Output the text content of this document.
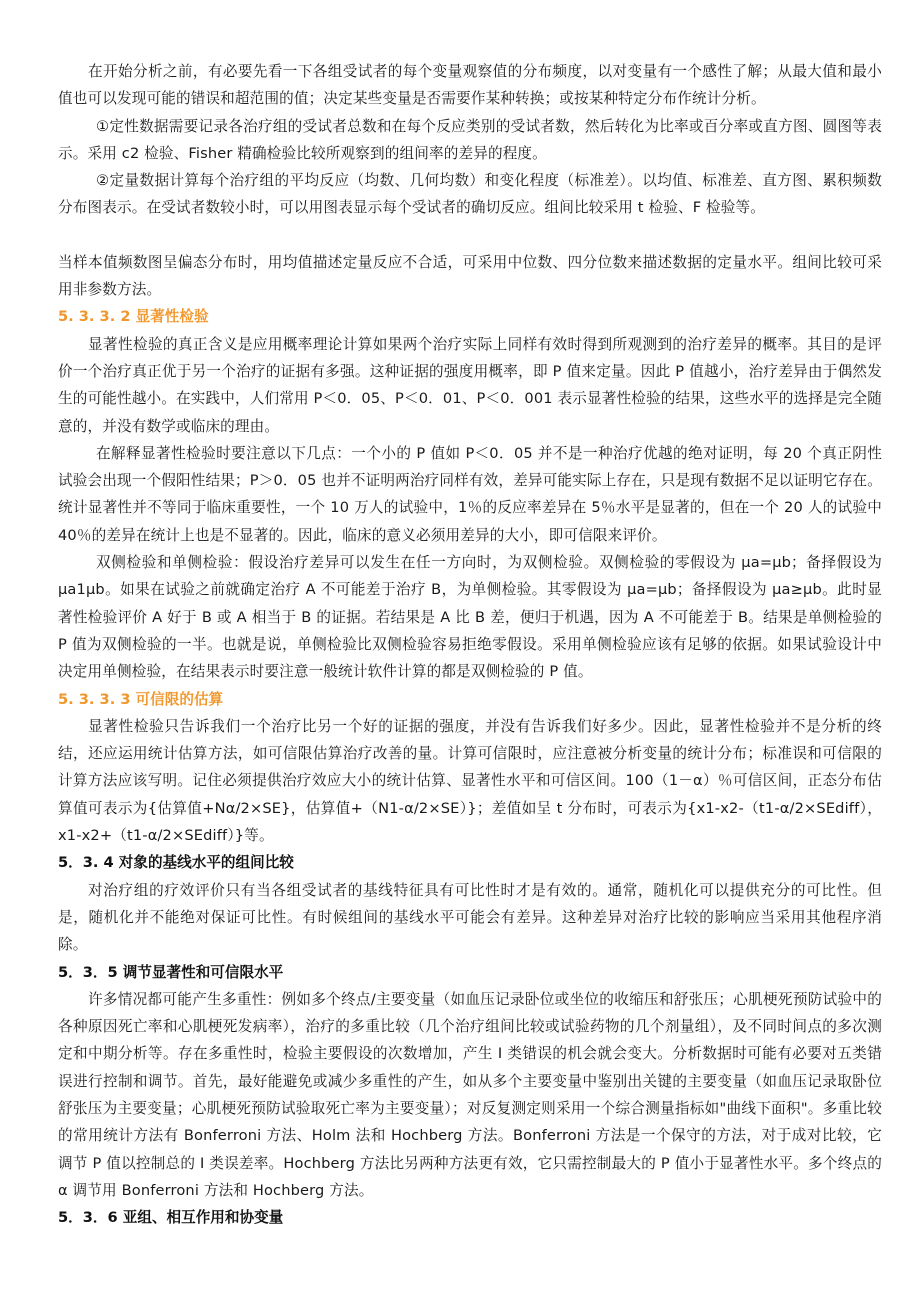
在开始分析之前，有必要先看一下各组受试者的每个变量观察值的分布频度，以对变量有一个感性了解；从最大值和最小值也可以发现可能的错误和超范围的值；决定某些变量是否需要作某种转换；或按某种特定分布作统计分析。

①定性数据需要记录各治疗组的受试者总数和在每个反应类别的受试者数，然后转化为比率或百分率或直方图、圆图等表示。采用 c2 检验、Fisher 精确检验比较所观察到的组间率的差异的程度。

②定量数据计算每个治疗组的平均反应（均数、几何均数）和变化程度（标准差）。以均值、标准差、直方图、累积频数分布图表示。在受试者数较小时，可以用图表显示每个受试者的确切反应。组间比较采用 t 检验、F 检验等。

当样本值频数图呈偏态分布时，用均值描述定量反应不合适，可采用中位数、四分位数来描述数据的定量水平。组间比较可采用非参数方法。

5. 3. 3. 2 显著性检验

显著性检验的真正含义是应用概率理论计算如果两个治疗实际上同样有效时得到所观测到的治疗差异的概率。其目的是评价一个治疗真正优于另一个治疗的证据有多强。这种证据的强度用概率，即 P 值来定量。因此 P 值越小，治疗差异由于偶然发生的可能性越小。在实践中，人们常用 P＜0．05、P＜0．01、P＜0．001 表示显著性检验的结果，这些水平的选择是完全随意的，并没有数学或临床的理由。

在解释显著性检验时要注意以下几点：一个小的 P 值如 P＜0．05 并不是一种治疗优越的绝对证明，每 20 个真正阴性试验会出现一个假阳性结果；P＞0．05 也并不证明两治疗同样有效，差异可能实际上存在，只是现有数据不足以证明它存在。统计显著性并不等同于临床重要性，一个 10 万人的试验中，1％的反应率差异在 5％水平是显著的，但在一个 20 人的试验中 40％的差异在统计上也是不显著的。因此，临床的意义必须用差异的大小，即可信限来评价。

双侧检验和单侧检验：假设治疗差异可以发生在任一方向时，为双侧检验。双侧检验的零假设为 μa=μb；备择假设为 μa1μb。如果在试验之前就确定治疗 A 不可能差于治疗 B，为单侧检验。其零假设为 μa=μb；备择假设为 μa≥μb。此时显著性检验评价 A 好于 B 或 A 相当于 B 的证据。若结果是 A 比 B 差，便归于机遇，因为 A 不可能差于 B。结果是单侧检验的 P 值为双侧检验的一半。也就是说，单侧检验比双侧检验容易拒绝零假设。采用单侧检验应该有足够的依据。如果试验设计中决定用单侧检验，在结果表示时要注意一般统计软件计算的都是双侧检验的 P 值。

5. 3. 3. 3 可信限的估算

显著性检验只告诉我们一个治疗比另一个好的证据的强度，并没有告诉我们好多少。因此，显著性检验并不是分析的终结，还应运用统计估算方法，如可信限估算治疗改善的量。计算可信限时，应注意被分析变量的统计分布；标准误和可信限的计算方法应该写明。记住必须提供治疗效应大小的统计估算、显著性水平和可信区间。100（1－α）％可信区间，正态分布估算值可表示为{估算值+Nα/2×SE}，估算值+（N1-α/2×SE）}；差值如呈 t 分布时，可表示为{x1-x2-（t1-α/2×SEdiff），x1-x2+（t1-α/2×SEdiff）}等。

5．3. 4 对象的基线水平的组间比较

对治疗组的疗效评价只有当各组受试者的基线特征具有可比性时才是有效的。通常，随机化可以提供充分的可比性。但是，随机化并不能绝对保证可比性。有时候组间的基线水平可能会有差异。这种差异对治疗比较的影响应当采用其他程序消除。

5．3．5 调节显著性和可信限水平

许多情况都可能产生多重性：例如多个终点/主要变量（如血压记录卧位或坐位的收缩压和舒张压；心肌梗死预防试验中的各种原因死亡率和心肌梗死发病率），治疗的多重比较（几个治疗组间比较或试验药物的几个剂量组），及不同时间点的多次测定和中期分析等。存在多重性时，检验主要假设的次数增加，产生 I 类错误的机会就会变大。分析数据时可能有必要对五类错误进行控制和调节。首先，最好能避免或减少多重性的产生，如从多个主要变量中鉴别出关键的主要变量（如血压记录取卧位舒张压为主要变量；心肌梗死预防试验取死亡率为主要变量）；对反复测定则采用一个综合测量指标如"曲线下面积"。多重比较的常用统计方法有 Bonferroni 方法、Holm 法和 Hochberg 方法。Bonferroni 方法是一个保守的方法，对于成对比较，它调节 P 值以控制总的 I 类误差率。Hochberg 方法比另两种方法更有效，它只需控制最大的 P 值小于显著性水平。多个终点的 α 调节用 Bonferroni 方法和 Hochberg 方法。

5．3．6 亚组、相互作用和协变量
